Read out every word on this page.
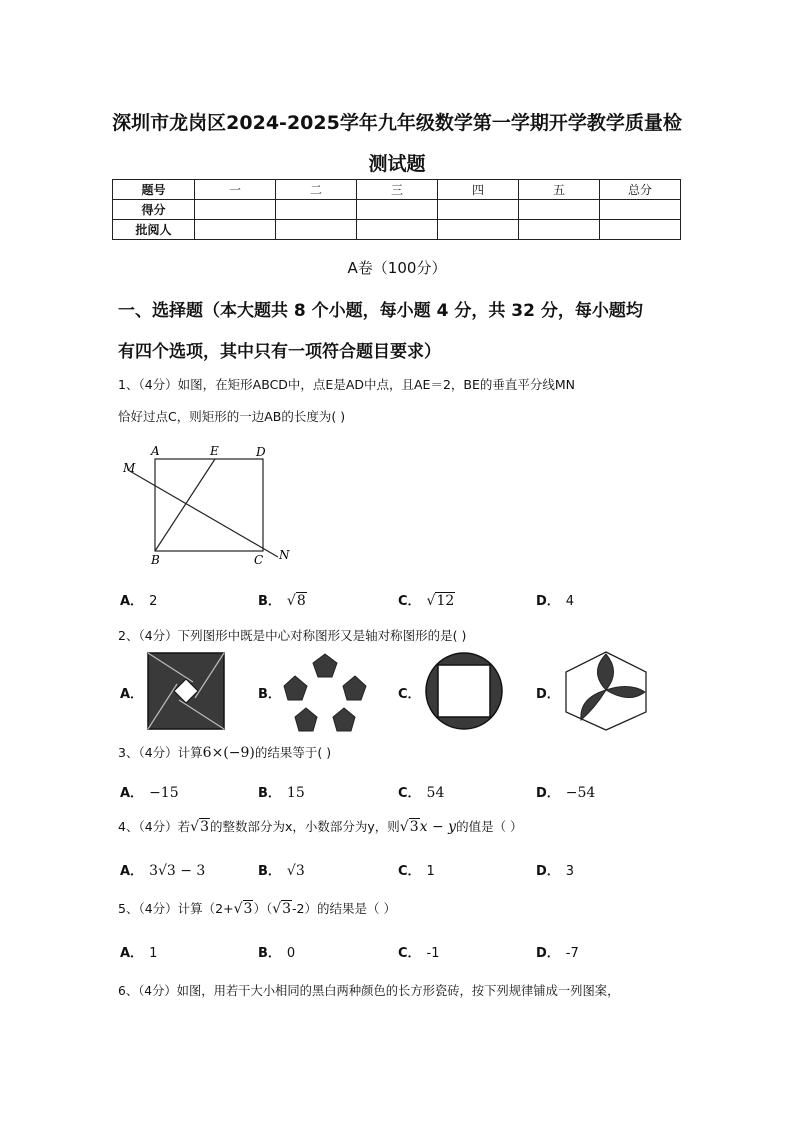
深圳市龙岗区2024-2025学年九年级数学第一学期开学教学质量检
测试题
题号	一	二	三	四	五	总分
得分						
批阅人						
A卷（100分）
一、选择题（本大题共 8 个小题，每小题 4 分，共 32 分，每小题均
有四个选项，其中只有一项符合题目要求）
1、（4分）如图，在矩形ABCD中，点E是AD中点，且AE＝2，BE的垂直平分线MN
恰好过点C，则矩形的一边AB的长度为( )
A	E	D
M
B	C N
A． 2	B． √8	C． √12	D． 4
2、（4分）下列图形中既是中心对称图形又是轴对称图形的是( )
A．	B．	C．	D．
3、（4分）计算6×(−9)的结果等于( )
A． −15	B． 15	C． 54	D． −54
4、（4分）若√3的整数部分为x，小数部分为y，则√3x − y的值是（ ）
A． 3√3 − 3	B． √3	C． 1	D． 3
5、（4分）计算（2+√3）（√3-2）的结果是（ ）
A． 1	B． 0	C． -1	D． -7
6、（4分）如图，用若干大小相同的黑白两种颜色的长方形瓷砖，按下列规律铺成一列图案，
